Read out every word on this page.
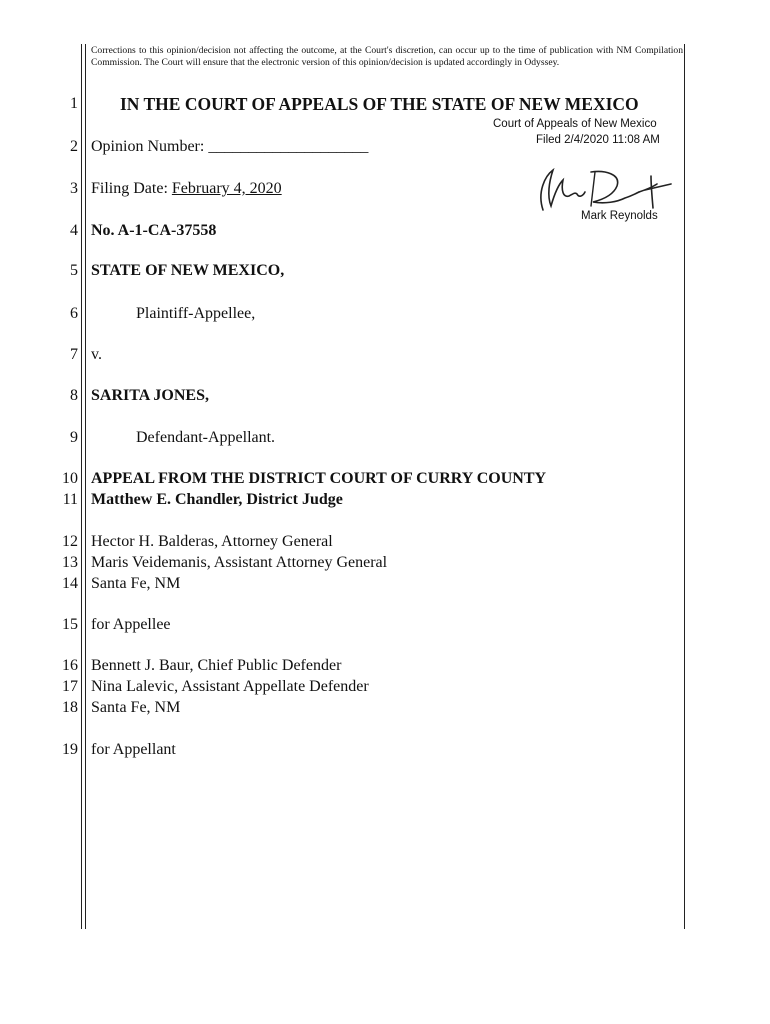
Corrections to this opinion/decision not affecting the outcome, at the Court's discretion, can occur up to the time of publication with NM Compilation Commission. The Court will ensure that the electronic version of this opinion/decision is updated accordingly in Odyssey.
1
2
3
4
5
6
7
8
9
10
11
12
13
14
15
16
17
18
19
IN THE COURT OF APPEALS OF THE STATE OF NEW MEXICO
Court of Appeals of New Mexico
Filed 2/4/2020 11:08 AM
Mark Reynolds
Opinion Number: ____________________
Filing Date: February 4, 2020
No. A-1-CA-37558
STATE OF NEW MEXICO,
Plaintiff-Appellee,
v.
SARITA JONES,
Defendant-Appellant.
APPEAL FROM THE DISTRICT COURT OF CURRY COUNTY
Matthew E. Chandler, District Judge
Hector H. Balderas, Attorney General
Maris Veidemanis, Assistant Attorney General
Santa Fe, NM
for Appellee
Bennett J. Baur, Chief Public Defender
Nina Lalevic, Assistant Appellate Defender
Santa Fe, NM
for Appellant
